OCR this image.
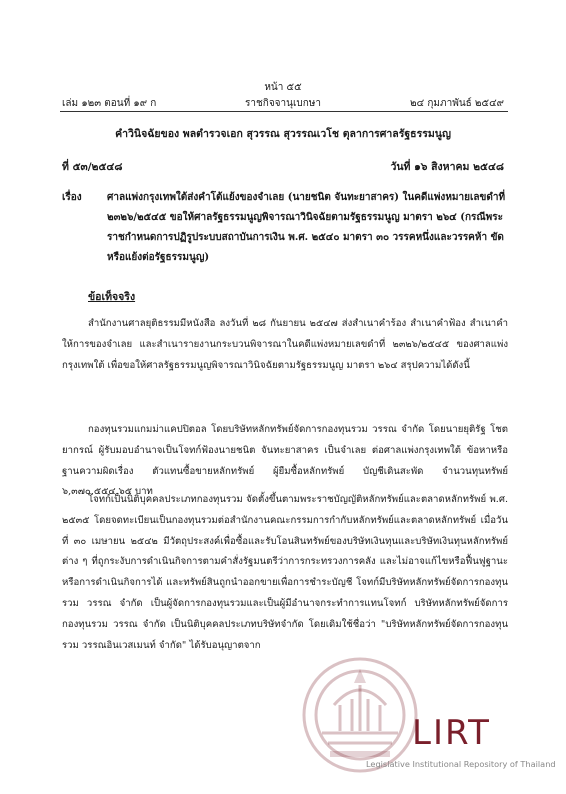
หน้า ๕๕
เล่ม ๑๒๓ ตอนที่ ๑๙ ก	ราชกิจจานุเบกษา	๒๔ กุมภาพันธ์ ๒๕๔๙
คำวินิจฉัยของ พลตำรวจเอก สุวรรณ สุวรรณเวโช ตุลาการศาลรัฐธรรมนูญ
ที่ ๕๓/๒๕๔๘	วันที่ ๑๖ สิงหาคม ๒๕๔๘
เรื่อง	ศาลแพ่งกรุงเทพใต้ส่งคำโต้แย้งของจำเลย (นายชนิต จันทะยาสาคร) ในคดีแพ่งหมายเลขดำที่ ๒๓๒๖/๒๕๔๕ ขอให้ศาลรัฐธรรมนูญพิจารณาวินิจฉัยตามรัฐธรรมนูญ มาตรา ๒๖๔ (กรณีพระราชกำหนดการปฏิรูประบบสถาบันการเงิน พ.ศ. ๒๕๔๐ มาตรา ๓๐ วรรคหนึ่งและวรรคห้า ขัดหรือแย้งต่อรัฐธรรมนูญ)
ข้อเท็จจริง
สำนักงานศาลยุติธรรมมีหนังสือ ลงวันที่ ๒๘ กันยายน ๒๕๔๗ ส่งสำเนาคำร้อง สำเนาคำฟ้อง สำเนาคำให้การของจำเลย และสำเนารายงานกระบวนพิจารณาในคดีแพ่งหมายเลขดำที่ ๒๓๒๖/๒๕๔๕ ของศาลแพ่งกรุงเทพใต้ เพื่อขอให้ศาลรัฐธรรมนูญพิจารณาวินิจฉัยตามรัฐธรรมนูญ มาตรา ๒๖๔ สรุปความได้ดังนี้
กองทุนรวมแกมม่าแคปปิตอล โดยบริษัทหลักทรัพย์จัดการกองทุนรวม วรรณ จำกัด โดยนายยุติรัฐ โชตยากรณ์ ผู้รับมอบอำนาจเป็นโจทก์ฟ้องนายชนิต จันทะยาสาคร เป็นจำเลย ต่อศาลแพ่งกรุงเทพใต้ ข้อหาหรือฐานความผิดเรื่อง ตัวแทนซื้อขายหลักทรัพย์ ผู้ยืมซื้อหลักทรัพย์ บัญชีเดินสะพัด จำนวนทุนทรัพย์ ๖,๓๗๐,๕๕๔.๖๕ บาท
โจทก์เป็นนิติบุคคลประเภทกองทุนรวม จัดตั้งขึ้นตามพระราชบัญญัติหลักทรัพย์และตลาดหลักทรัพย์ พ.ศ. ๒๕๓๕ โดยจดทะเบียนเป็นกองทุนรวมต่อสำนักงานคณะกรรมการกำกับหลักทรัพย์และตลาดหลักทรัพย์ เมื่อวันที่ ๓๐ เมษายน ๒๕๔๒ มีวัตถุประสงค์เพื่อซื้อและรับโอนสินทรัพย์ของบริษัทเงินทุนและบริษัทเงินทุนหลักทรัพย์ต่าง ๆ ที่ถูกระงับการดำเนินกิจการตามคำสั่งรัฐมนตรีว่าการกระทรวงการคลัง และไม่อาจแก้ไขหรือฟื้นฟูฐานะหรือการดำเนินกิจการได้ และทรัพย์สินถูกนำออกขายเพื่อการชำระบัญชี โจทก์มีบริษัทหลักทรัพย์จัดการกองทุนรวม วรรณ จำกัด เป็นผู้จัดการกองทุนรวมและเป็นผู้มีอำนาจกระทำการแทนโจทก์ บริษัทหลักทรัพย์จัดการกองทุนรวม วรรณ จำกัด เป็นนิติบุคคลประเภทบริษัทจำกัด โดยเดิมใช้ชื่อว่า "บริษัทหลักทรัพย์จัดการกองทุนรวม วรรณอินเวสเมนท์ จำกัด" ได้รับอนุญาตจาก
LIRT
Legislative Institutional Repository of Thailand
